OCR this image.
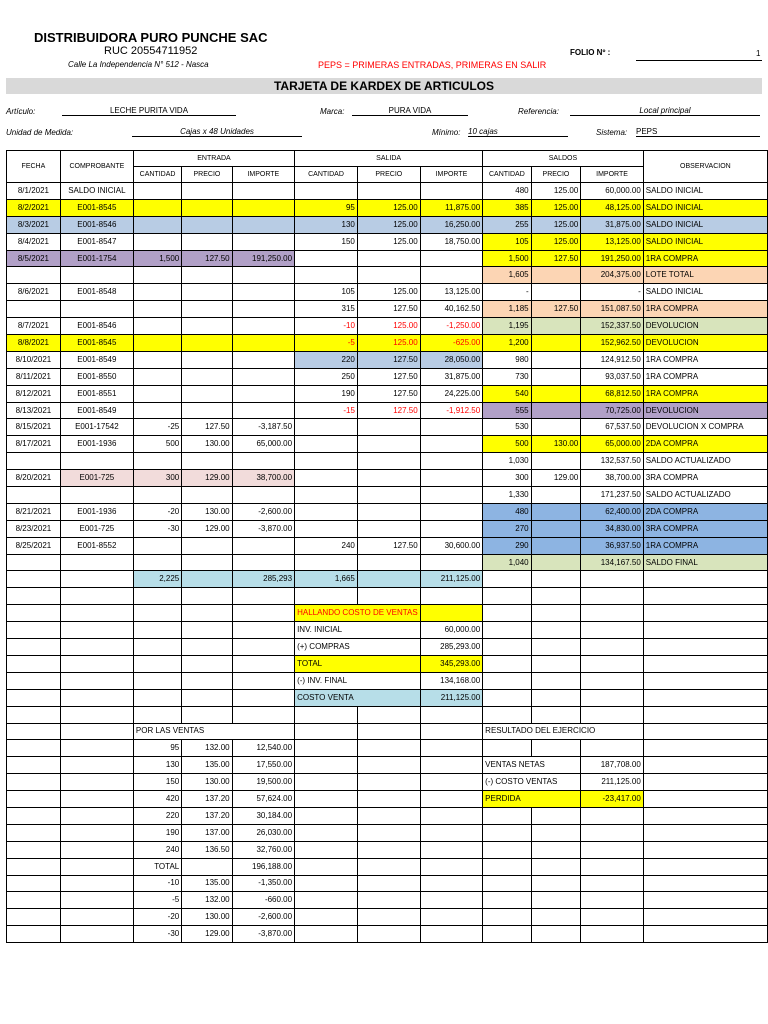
DISTRIBUIDORA PURO PUNCHE SAC
RUC 20554711952
Calle La Independencia N° 512 - Nasca	PEPS = PRIMERAS ENTRADAS, PRIMERAS EN SALIR
FOLIO Nº :	1
TARJETA DE KARDEX DE ARTICULOS
Artículo:	LECHE PURITA VIDA	Marca:	PURA VIDA	Referencia:	Local principal
Unidad de Medida:	Cajas x 48 Unidades	Mínimo: 10 cajas	Sistema: PEPS
FECHA	COMPROBANTE	ENTRADA			SALIDA			SALDOS			OBSERVACION
		CANTIDAD	PRECIO	IMPORTE	CANTIDAD	PRECIO	IMPORTE	CANTIDAD	PRECIO	IMPORTE	
8/1/2021	SALDO INICIAL							480	125.00	60,000.00	SALDO INICIAL
8/2/2021	E001-8545				95	125.00	11,875.00	385	125.00	48,125.00	SALDO INICIAL
8/3/2021	E001-8546				130	125.00	16,250.00	255	125.00	31,875.00	SALDO INICIAL
8/4/2021	E001-8547				150	125.00	18,750.00	105	125.00	13,125.00	SALDO INICIAL
8/5/2021	E001-1754	1,500	127.50	191,250.00				1,500	127.50	191,250.00	1RA COMPRA
								1,605		204,375.00	LOTE TOTAL
8/6/2021	E001-8548				105	125.00	13,125.00	-		-	SALDO INICIAL
					315	127.50	40,162.50	1,185	127.50	151,087.50	1RA COMPRA
8/7/2021	E001-8546				-10	125.00	-1,250.00	1,195		152,337.50	DEVOLUCION
8/8/2021	E001-8545				-5	125.00	-625.00	1,200		152,962.50	DEVOLUCION
8/10/2021	E001-8549				220	127.50	28,050.00	980		124,912.50	1RA COMPRA
8/11/2021	E001-8550				250	127.50	31,875.00	730		93,037.50	1RA COMPRA
8/12/2021	E001-8551				190	127.50	24,225.00	540		68,812.50	1RA COMPRA
8/13/2021	E001-8549				-15	127.50	-1,912.50	555		70,725.00	DEVOLUCION
8/15/2021	E001-17542	-25	127.50	-3,187.50				530		67,537.50	DEVOLUCION X COMPRA
8/17/2021	E001-1936	500	130.00	65,000.00				500	130.00	65,000.00	2DA COMPRA
								1,030		132,537.50	SALDO ACTUALIZADO
8/20/2021	E001-725	300	129.00	38,700.00				300	129.00	38,700.00	3RA COMPRA
								1,330		171,237.50	SALDO ACTUALIZADO
8/21/2021	E001-1936	-20	130.00	-2,600.00				480		62,400.00	2DA COMPRA
8/23/2021	E001-725	-30	129.00	-3,870.00				270		34,830.00	3RA COMPRA
8/25/2021	E001-8552				240	127.50	30,600.00	290		36,937.50	1RA COMPRA
								1,040		134,167.50	SALDO FINAL
		2,225		285,293	1,665		211,125.00				

					HALLANDO COSTO DE VENTAS						
					INV. INICIAL		60,000.00				
					(+) COMPRAS		285,293.00				
					TOTAL		345,293.00				
					(-) INV. FINAL		134,168.00				
					COSTO VENTA		211,125.00				

		POR LAS VENTAS						RESULTADO DEL EJERCICIO			
		95	132.00	12,540.00							
		130	135.00	17,550.00				VENTAS NETAS		187,708.00	
		150	130.00	19,500.00				(-) COSTO VENTAS		211,125.00	
		420	137.20	57,624.00				PERDIDA		-23,417.00	
		220	137.20	30,184.00							
		190	137.00	26,030.00							
		240	136.50	32,760.00							
		TOTAL		196,188.00							
		-10	135.00	-1,350.00							
		-5	132.00	-660.00							
		-20	130.00	-2,600.00							
		-30	129.00	-3,870.00							
